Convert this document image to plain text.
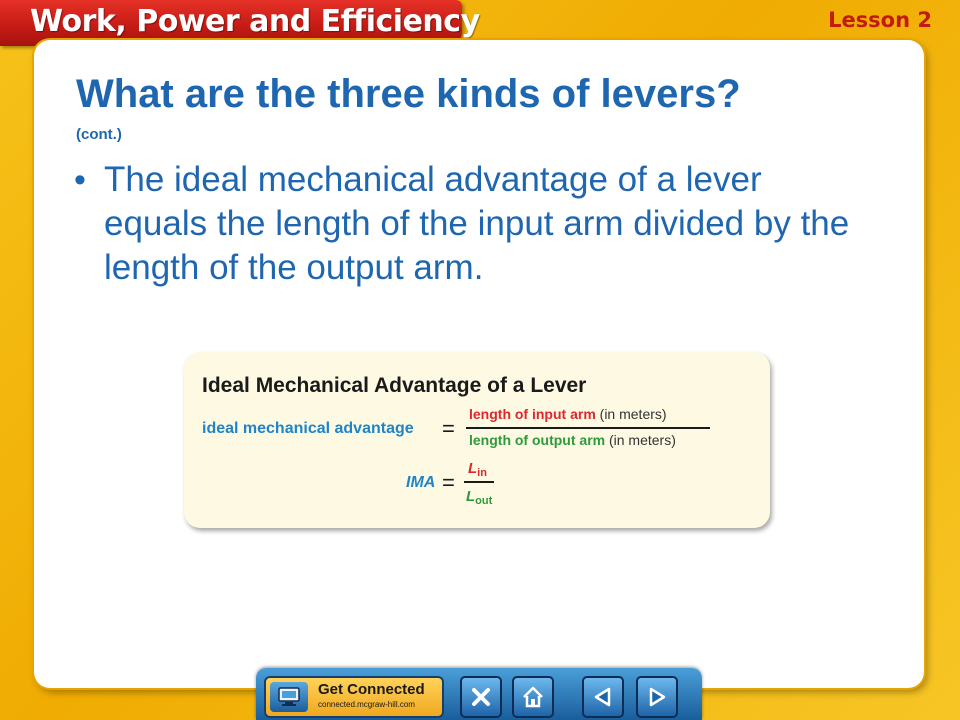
Work, Power and Efficiency	Lesson 2
What are the three kinds of levers?
(cont.)
• The ideal mechanical advantage of a lever equals the length of the input arm divided by the length of the output arm.
Ideal Mechanical Advantage of a Lever
ideal mechanical advantage =
length of input arm (in meters)
length of output arm (in meters)
IMA =
$L_{in}$
$L_{out}$
Get Connected
connected.mcgraw-hill.com
